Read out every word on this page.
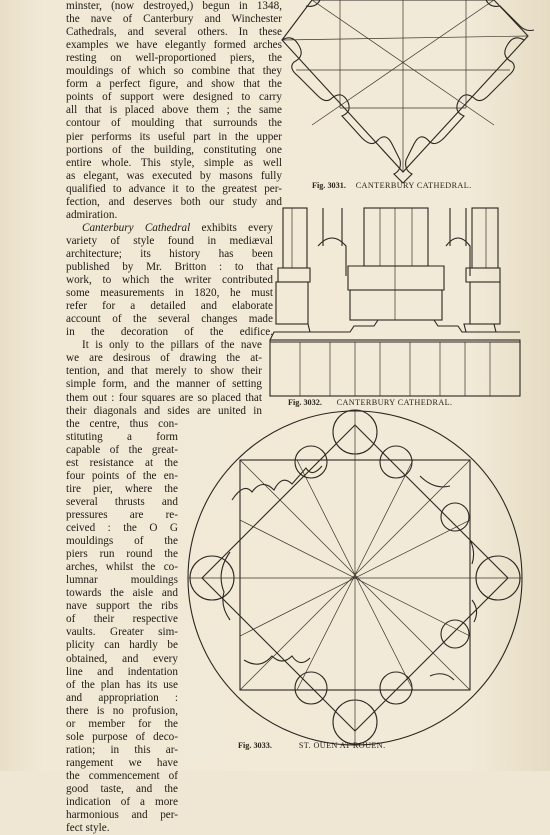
minster, (now destroyed,) begun in 1348,
the nave of Canterbury and Winchester
Cathedrals, and several others. In these
examples we have elegantly formed arches
resting on well-proportioned piers, the
mouldings of which so combine that they
form a perfect figure, and show that the
points of support were designed to carry
all that is placed above them ; the same
contour of moulding that surrounds the
pier performs its useful part in the upper
portions of the building, constituting one
entire whole. This style, simple as well
as elegant, was executed by masons fully
qualified to advance it to the greatest per-
fection, and deserves both our study and
admiration.
Canterbury Cathedral exhibits every
variety of style found in mediæval
architecture; its history has been
published by Mr. Britton : to that
work, to which the writer contributed
some measurements in 1820, he must
refer for a detailed and elaborate
account of the several changes made
in the decoration of the edifice.
It is only to the pillars of the nave
we are desirous of drawing the at-
tention, and that merely to show their
simple form, and the manner of setting
them out : four squares are so placed that
their diagonals and sides are united in
the centre, thus con-
stituting a form
capable of the great-
est resistance at the
four points of the en-
tire pier, where the
several thrusts and
pressures are re-
ceived : the O G
mouldings of the
piers run round the
arches, whilst the co-
lumnar mouldings
towards the aisle and
nave support the ribs
of their respective
vaults. Greater sim-
plicity can hardly be
obtained, and every
line and indentation
of the plan has its use
and appropriation :
there is no profusion,
or member for the
sole purpose of deco-
ration; in this ar-
rangement we have
the commencement of
good taste, and the
indication of a more
harmonious and per-
fect style.
Fig. 3031. CANTERBURY CATHEDRAL.
Fig. 3032. CANTERBURY CATHEDRAL.
Fig. 3033.	ST. OUEN AT ROUEN.
